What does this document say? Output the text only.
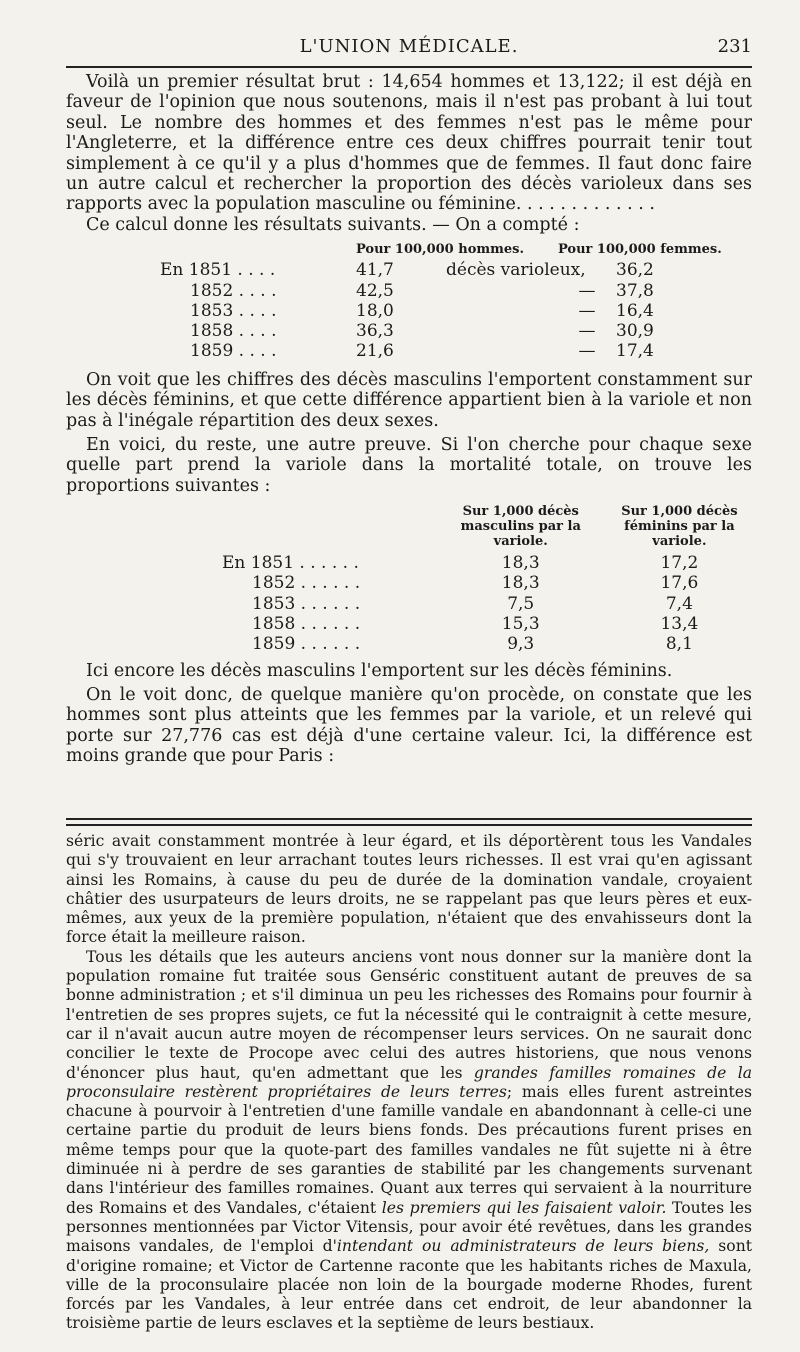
L'UNION MÉDICALE.	231

Voilà un premier résultat brut : 14,654 hommes et 13,122; il est déjà en faveur de l'opinion que nous soutenons, mais il n'est pas probant à lui tout seul. Le nombre des hommes et des femmes n'est pas le même pour l'Angleterre, et la différence entre ces deux chiffres pourrait tenir tout simplement à ce qu'il y a plus d'hommes que de femmes. Il faut donc faire un autre calcul et rechercher la proportion des décès varioleux dans ses rapports avec la population masculine ou féminine. . . . . . . . . . . . .

Ce calcul donne les résultats suivants. — On a compté :

	Pour 100,000 hommes.		Pour 100,000 femmes.	
En 1851 . . . .	41,7	décès varioleux,		36,2
1852 . . . .	42,5		—	37,8
1853 . . . .	18,0		—	16,4
1858 . . . .	36,3		—	30,9
1859 . . . .	21,6		—	17,4

On voit que les chiffres des décès masculins l'emportent constamment sur les décès féminins, et que cette différence appartient bien à la variole et non pas à l'inégale répartition des deux sexes.

En voici, du reste, une autre preuve. Si l'on cherche pour chaque sexe quelle part prend la variole dans la mortalité totale, on trouve les proportions suivantes :

	Sur 1,000 décès masculins par la variole.	Sur 1,000 décès féminins par la variole.
En 1851 . . . . . .	18,3	17,2
1852 . . . . . .	18,3	17,6
1853 . . . . . .	7,5	7,4
1858 . . . . . .	15,3	13,4
1859 . . . . . .	9,3	8,1

Ici encore les décès masculins l'emportent sur les décès féminins.

On le voit donc, de quelque manière qu'on procède, on constate que les hommes sont plus atteints que les femmes par la variole, et un relevé qui porte sur 27,776 cas est déjà d'une certaine valeur. Ici, la différence est moins grande que pour Paris :

séric avait constamment montrée à leur égard, et ils déportèrent tous les Vandales qui s'y trouvaient en leur arrachant toutes leurs richesses. Il est vrai qu'en agissant ainsi les Romains, à cause du peu de durée de la domination vandale, croyaient châtier des usurpateurs de leurs droits, ne se rappelant pas que leurs pères et eux-mêmes, aux yeux de la première population, n'étaient que des envahisseurs dont la force était la meilleure raison.

Tous les détails que les auteurs anciens vont nous donner sur la manière dont la population romaine fut traitée sous Genséric constituent autant de preuves de sa bonne administration ; et s'il diminua un peu les richesses des Romains pour fournir à l'entretien de ses propres sujets, ce fut la nécessité qui le contraignit à cette mesure, car il n'avait aucun autre moyen de récompenser leurs services. On ne saurait donc concilier le texte de Procope avec celui des autres historiens, que nous venons d'énoncer plus haut, qu'en admettant que les grandes familles romaines de la proconsulaire restèrent propriétaires de leurs terres; mais elles furent astreintes chacune à pourvoir à l'entretien d'une famille vandale en abandonnant à celle-ci une certaine partie du produit de leurs biens fonds. Des précautions furent prises en même temps pour que la quote-part des familles vandales ne fût sujette ni à être diminuée ni à perdre de ses garanties de stabilité par les changements survenant dans l'intérieur des familles romaines. Quant aux terres qui servaient à la nourriture des Romains et des Vandales, c'étaient les premiers qui les faisaient valoir. Toutes les personnes mentionnées par Victor Vitensis, pour avoir été revêtues, dans les grandes maisons vandales, de l'emploi d'intendant ou administrateurs de leurs biens, sont d'origine romaine; et Victor de Cartenne raconte que les habitants riches de Maxula, ville de la proconsulaire placée non loin de la bourgade moderne Rhodes, furent forcés par les Vandales, à leur entrée dans cet endroit, de leur abandonner la troisième partie de leurs esclaves et la septième de leurs bestiaux.
